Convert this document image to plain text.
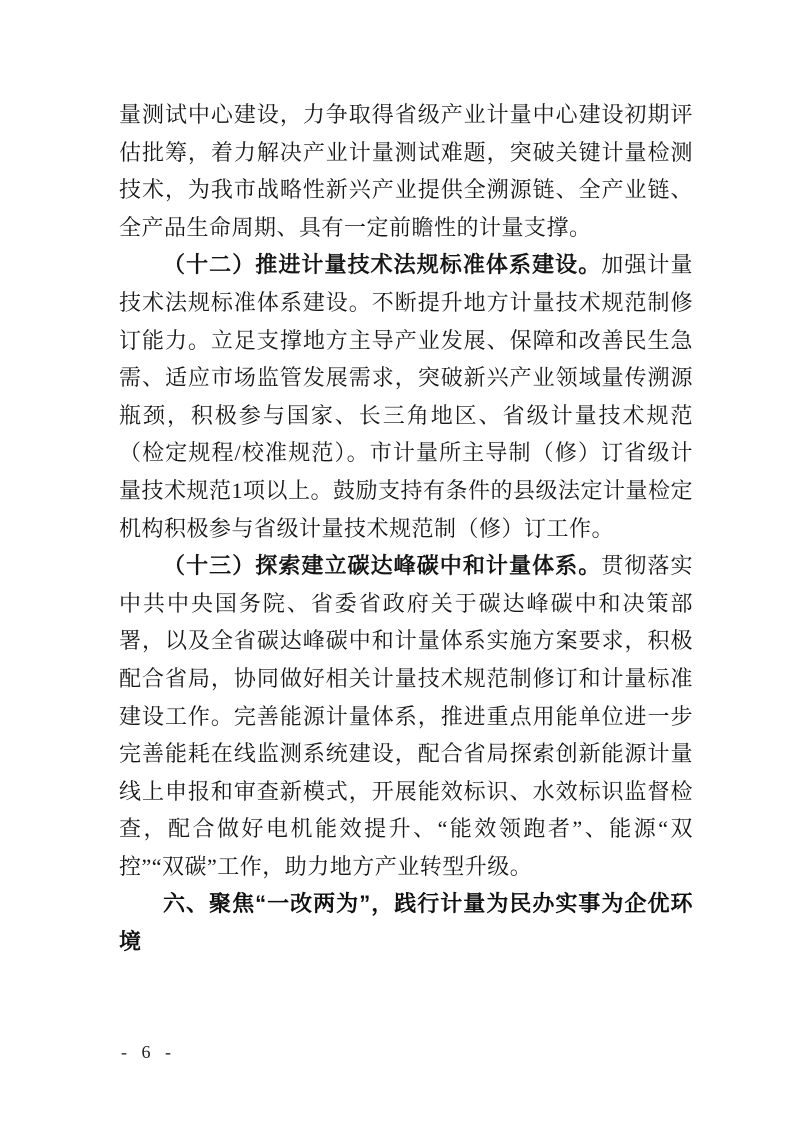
量测试中心建设，力争取得省级产业计量中心建设初期评估批筹，着力解决产业计量测试难题，突破关键计量检测技术，为我市战略性新兴产业提供全溯源链、全产业链、全产品生命周期、具有一定前瞻性的计量支撑。

（十二）推进计量技术法规标准体系建设。加强计量技术法规标准体系建设。不断提升地方计量技术规范制修订能力。立足支撑地方主导产业发展、保障和改善民生急需、适应市场监管发展需求，突破新兴产业领域量传溯源瓶颈，积极参与国家、长三角地区、省级计量技术规范（检定规程/校准规范）。市计量所主导制（修）订省级计量技术规范1项以上。鼓励支持有条件的县级法定计量检定机构积极参与省级计量技术规范制（修）订工作。

（十三）探索建立碳达峰碳中和计量体系。贯彻落实中共中央国务院、省委省政府关于碳达峰碳中和决策部署，以及全省碳达峰碳中和计量体系实施方案要求，积极配合省局，协同做好相关计量技术规范制修订和计量标准建设工作。完善能源计量体系，推进重点用能单位进一步完善能耗在线监测系统建设，配合省局探索创新能源计量线上申报和审查新模式，开展能效标识、水效标识监督检查，配合做好电机能效提升、“能效领跑者”、能源“双控”“双碳”工作，助力地方产业转型升级。

六、聚焦“一改两为”，践行计量为民办实事为企优环境

- 6 -
